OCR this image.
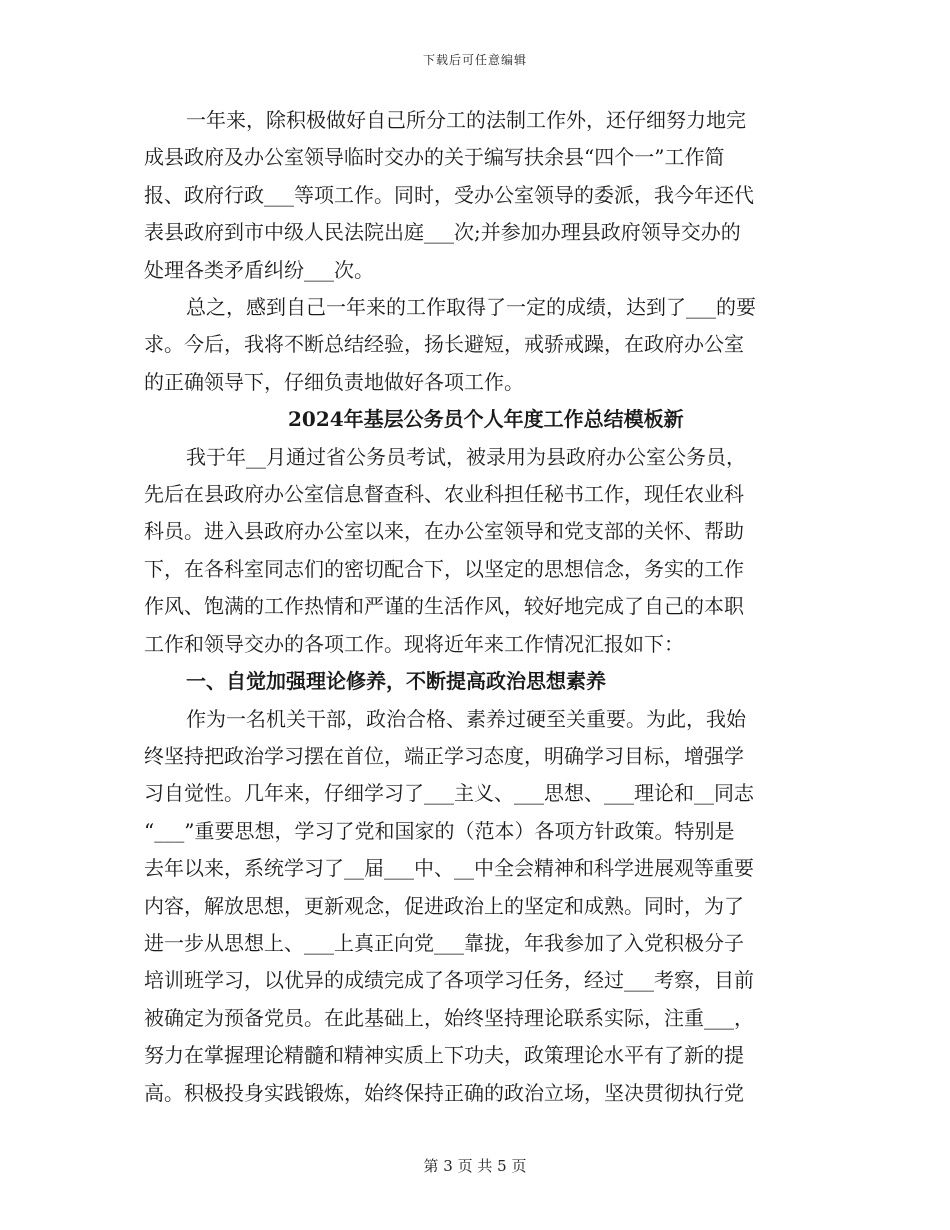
下载后可任意编辑
一年来，除积极做好自己所分工的法制工作外，还仔细努力地完
成县政府及办公室领导临时交办的关于编写扶余县“四个一”工作简
报、政府行政___等项工作。同时，受办公室领导的委派，我今年还代
表县政府到市中级人民法院出庭___次;并参加办理县政府领导交办的
处理各类矛盾纠纷___次。
总之，感到自己一年来的工作取得了一定的成绩，达到了___的要
求。今后，我将不断总结经验，扬长避短，戒骄戒躁，在政府办公室
的正确领导下，仔细负责地做好各项工作。
2024年基层公务员个人年度工作总结模板新
我于年__月通过省公务员考试，被录用为县政府办公室公务员，
先后在县政府办公室信息督查科、农业科担任秘书工作，现任农业科
科员。进入县政府办公室以来，在办公室领导和党支部的关怀、帮助
下，在各科室同志们的密切配合下，以坚定的思想信念，务实的工作
作风、饱满的工作热情和严谨的生活作风，较好地完成了自己的本职
工作和领导交办的各项工作。现将近年来工作情况汇报如下：
一、自觉加强理论修养，不断提高政治思想素养
作为一名机关干部，政治合格、素养过硬至关重要。为此，我始
终坚持把政治学习摆在首位，端正学习态度，明确学习目标，增强学
习自觉性。几年来，仔细学习了___主义、___思想、___理论和__同志
“___”重要思想，学习了党和国家的（范本）各项方针政策。特别是
去年以来，系统学习了__届___中、__中全会精神和科学进展观等重要
内容，解放思想，更新观念，促进政治上的坚定和成熟。同时，为了
进一步从思想上、___上真正向党___靠拢，年我参加了入党积极分子
培训班学习，以优异的成绩完成了各项学习任务，经过___考察，目前
被确定为预备党员。在此基础上，始终坚持理论联系实际，注重___，
努力在掌握理论精髓和精神实质上下功夫，政策理论水平有了新的提
高。积极投身实践锻炼，始终保持正确的政治立场，坚决贯彻执行党
第 3 页 共 5 页
